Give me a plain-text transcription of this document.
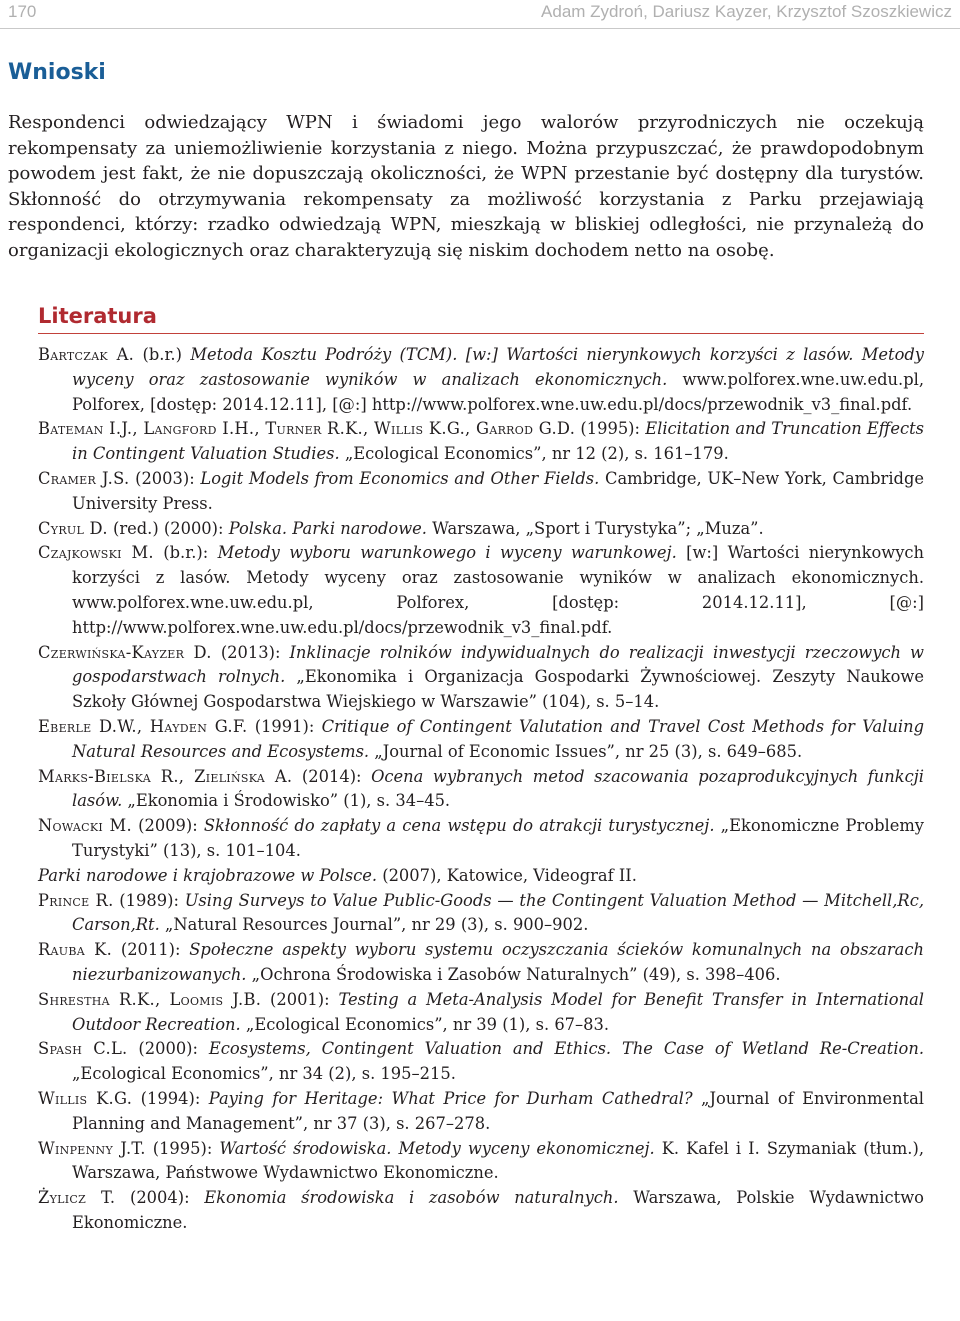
170	Adam Zydroń, Dariusz Kayzer, Krzysztof Szoszkiewicz
Wnioski

Respondenci odwiedzający WPN i świadomi jego walorów przyrodniczych nie oczekują rekompensaty za uniemożliwienie korzystania z niego. Można przypuszczać, że prawdopodobnym powodem jest fakt, że nie dopuszczają okoliczności, że WPN przestanie być dostępny dla turystów. Skłonność do otrzymywania rekompensaty za możliwość korzystania z Parku przejawiają respondenci, którzy: rzadko odwiedzają WPN, mieszkają w bliskiej odległości, nie przynależą do organizacji ekologicznych oraz charakteryzują się niskim dochodem netto na osobę.

Literatura
Bartczak A. (b.r.) Metoda Kosztu Podróży (TCM). [w:] Wartości nierynkowych korzyści z lasów. Metody wyceny oraz zastosowanie wyników w analizach ekonomicznych. www.polforex.wne.uw.edu.pl, Polforex, [dostęp: 2014.12.11], [@:] http://www.polforex.wne.uw.edu.pl/docs/przewodnik_v3_final.pdf.
Bateman I.J., Langford I.H., Turner R.K., Willis K.G., Garrod G.D. (1995): Elicitation and Truncation Effects in Contingent Valuation Studies. „Ecological Economics”, nr 12 (2), s. 161–179.
Cramer J.S. (2003): Logit Models from Economics and Other Fields. Cambridge, UK–New York, Cambridge University Press.
Cyrul D. (red.) (2000): Polska. Parki narodowe. Warszawa, „Sport i Turystyka”; „Muza”.
Czajkowski M. (b.r.): Metody wyboru warunkowego i wyceny warunkowej. [w:] Wartości nierynkowych korzyści z lasów. Metody wyceny oraz zastosowanie wyników w analizach ekonomicznych. www.polforex.wne.uw.edu.pl, Polforex, [dostęp: 2014.12.11], [@:] http://www.polforex.wne.uw.edu.pl/docs/przewodnik_v3_final.pdf.
Czerwińska-Kayzer D. (2013): Inklinacje rolników indywidualnych do realizacji inwestycji rzeczowych w gospodarstwach rolnych. „Ekonomika i Organizacja Gospodarki Żywnościowej. Zeszyty Naukowe Szkoły Głównej Gospodarstwa Wiejskiego w Warszawie” (104), s. 5–14.
Eberle D.W., Hayden G.F. (1991): Critique of Contingent Valutation and Travel Cost Methods for Valuing Natural Resources and Ecosystems. „Journal of Economic Issues”, nr 25 (3), s. 649–685.
Marks-Bielska R., Zielińska A. (2014): Ocena wybranych metod szacowania pozaprodukcyjnych funkcji lasów. „Ekonomia i Środowisko” (1), s. 34–45.
Nowacki M. (2009): Skłonność do zapłaty a cena wstępu do atrakcji turystycznej. „Ekonomiczne Problemy Turystyki” (13), s. 101–104.
Parki narodowe i krajobrazowe w Polsce. (2007), Katowice, Videograf II.
Prince R. (1989): Using Surveys to Value Public-Goods — the Contingent Valuation Method — Mitchell,Rc, Carson,Rt. „Natural Resources Journal”, nr 29 (3), s. 900–902.
Rauba K. (2011): Społeczne aspekty wyboru systemu oczyszczania ścieków komunalnych na obszarach niezurbanizowanych. „Ochrona Środowiska i Zasobów Naturalnych” (49), s. 398–406.
Shrestha R.K., Loomis J.B. (2001): Testing a Meta-Analysis Model for Benefit Transfer in International Outdoor Recreation. „Ecological Economics”, nr 39 (1), s. 67–83.
Spash C.L. (2000): Ecosystems, Contingent Valuation and Ethics. The Case of Wetland Re-Creation. „Ecological Economics”, nr 34 (2), s. 195–215.
Willis K.G. (1994): Paying for Heritage: What Price for Durham Cathedral? „Journal of Environmental Planning and Management”, nr 37 (3), s. 267–278.
Winpenny J.T. (1995): Wartość środowiska. Metody wyceny ekonomicznej. K. Kafel i I. Szymaniak (tłum.), Warszawa, Państwowe Wydawnictwo Ekonomiczne.
Żylicz T. (2004): Ekonomia środowiska i zasobów naturalnych. Warszawa, Polskie Wydawnictwo Ekonomiczne.
